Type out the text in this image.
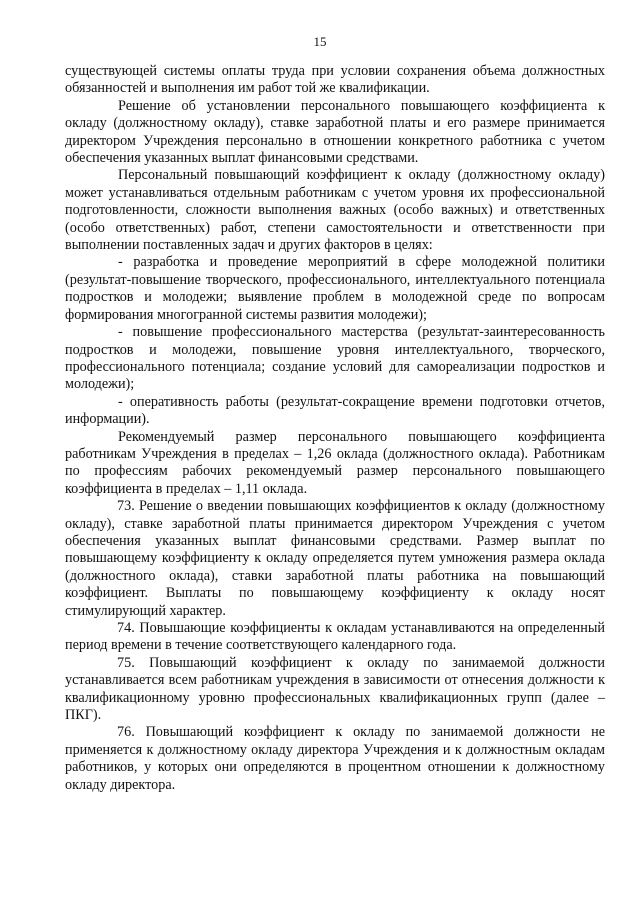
15

существующей системы оплаты труда при условии сохранения объема должностных обязанностей и выполнения им работ той же квалификации.

Решение об установлении персонального повышающего коэффициента к окладу (должностному окладу), ставке заработной платы и его размере принимается директором Учреждения персонально в отношении конкретного работника с учетом обеспечения указанных выплат финансовыми средствами.

Персональный повышающий коэффициент к окладу (должностному окладу) может устанавливаться отдельным работникам с учетом уровня их профессиональной подготовленности, сложности выполнения важных (особо важных) и ответственных (особо ответственных) работ, степени самостоятельности и ответственности при выполнении поставленных задач и других факторов в целях:

- разработка и проведение мероприятий в сфере молодежной политики (результат-повышение творческого, профессионального, интеллектуального потенциала подростков и молодежи; выявление проблем в молодежной среде по вопросам формирования многогранной системы развития молодежи);

- повышение профессионального мастерства (результат-заинтересованность подростков и молодежи, повышение уровня интеллектуального, творческого, профессионального потенциала; создание условий для самореализации подростков и молодежи);

- оперативность работы (результат-сокращение времени подготовки отчетов, информации).

Рекомендуемый размер персонального повышающего коэффициента работникам Учреждения в пределах – 1,26 оклада (должностного оклада). Работникам по профессиям рабочих рекомендуемый размер персонального повышающего коэффициента в пределах – 1,11 оклада.

73. Решение о введении повышающих коэффициентов к окладу (должностному окладу), ставке заработной платы принимается директором Учреждения с учетом обеспечения указанных выплат финансовыми средствами. Размер выплат по повышающему коэффициенту к окладу определяется путем умножения размера оклада (должностного оклада), ставки заработной платы работника на повышающий коэффициент. Выплаты по повышающему коэффициенту к окладу носят стимулирующий характер.

74. Повышающие коэффициенты к окладам устанавливаются на определенный период времени в течение соответствующего календарного года.

75. Повышающий коэффициент к окладу по занимаемой должности устанавливается всем работникам учреждения в зависимости от отнесения должности к квалификационному уровню профессиональных квалификационных групп (далее – ПКГ).

76. Повышающий коэффициент к окладу по занимаемой должности не применяется к должностному окладу директора Учреждения и к должностным окладам работников, у которых они определяются в процентном отношении к должностному окладу директора.
